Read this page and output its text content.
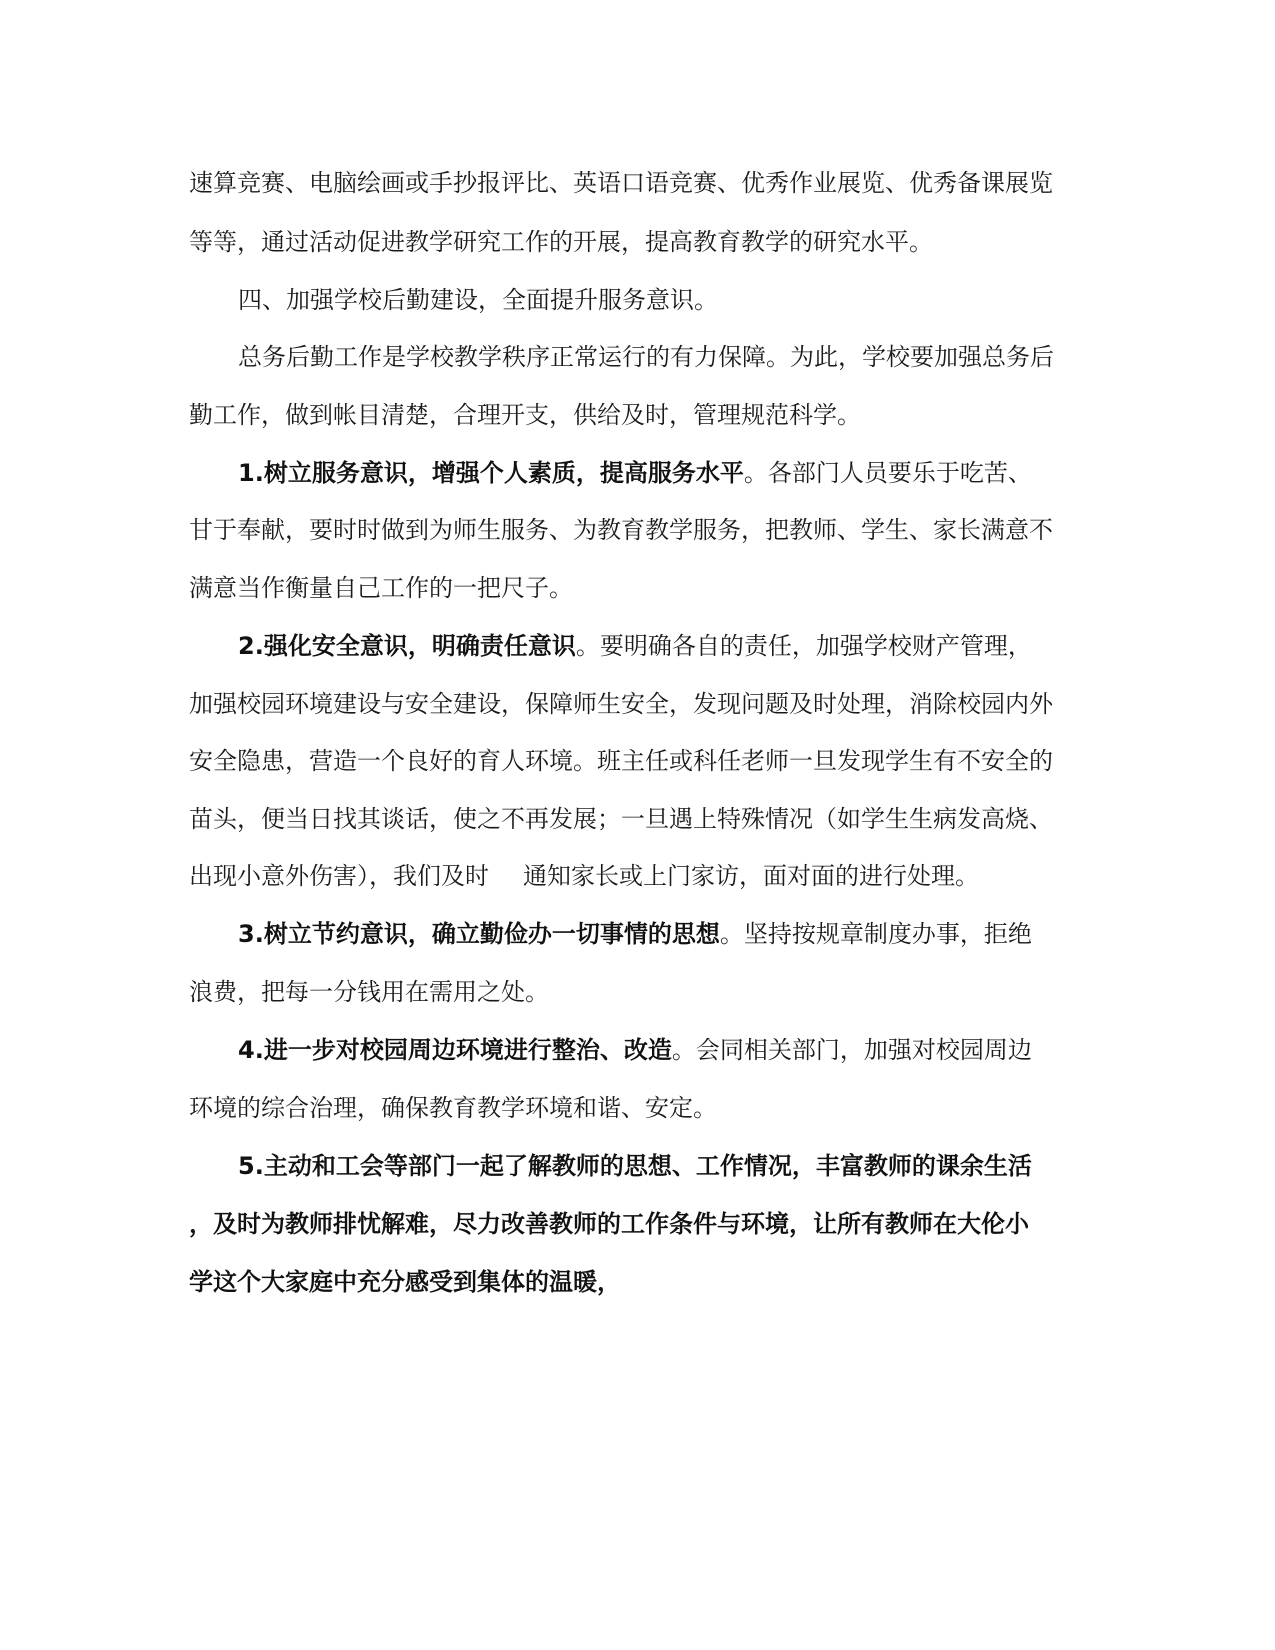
速算竞赛、电脑绘画或手抄报评比、英语口语竞赛、优秀作业展览、优秀备课展览
等等，通过活动促进教学研究工作的开展，提高教育教学的研究水平。
四、加强学校后勤建设，全面提升服务意识。
总务后勤工作是学校教学秩序正常运行的有力保障。为此，学校要加强总务后
勤工作，做到帐目清楚，合理开支，供给及时，管理规范科学。
1.树立服务意识，增强个人素质，提高服务水平。各部门人员要乐于吃苦、
甘于奉献，要时时做到为师生服务、为教育教学服务，把教师、学生、家长满意不
满意当作衡量自己工作的一把尺子。
2.强化安全意识，明确责任意识。要明确各自的责任，加强学校财产管理，
加强校园环境建设与安全建设，保障师生安全，发现问题及时处理，消除校园内外
安全隐患，营造一个良好的育人环境。班主任或科任老师一旦发现学生有不安全的
苗头，便当日找其谈话，使之不再发展；一旦遇上特殊情况（如学生生病发高烧、
出现小意外伤害），我们及时 通知家长或上门家访，面对面的进行处理。
3.树立节约意识，确立勤俭办一切事情的思想。坚持按规章制度办事，拒绝
浪费，把每一分钱用在需用之处。
4.进一步对校园周边环境进行整治、改造。会同相关部门，加强对校园周边
环境的综合治理，确保教育教学环境和谐、安定。
5.主动和工会等部门一起了解教师的思想、工作情况，丰富教师的课余生活
，及时为教师排忧解难，尽力改善教师的工作条件与环境，让所有教师在大伦小
学这个大家庭中充分感受到集体的温暖，
